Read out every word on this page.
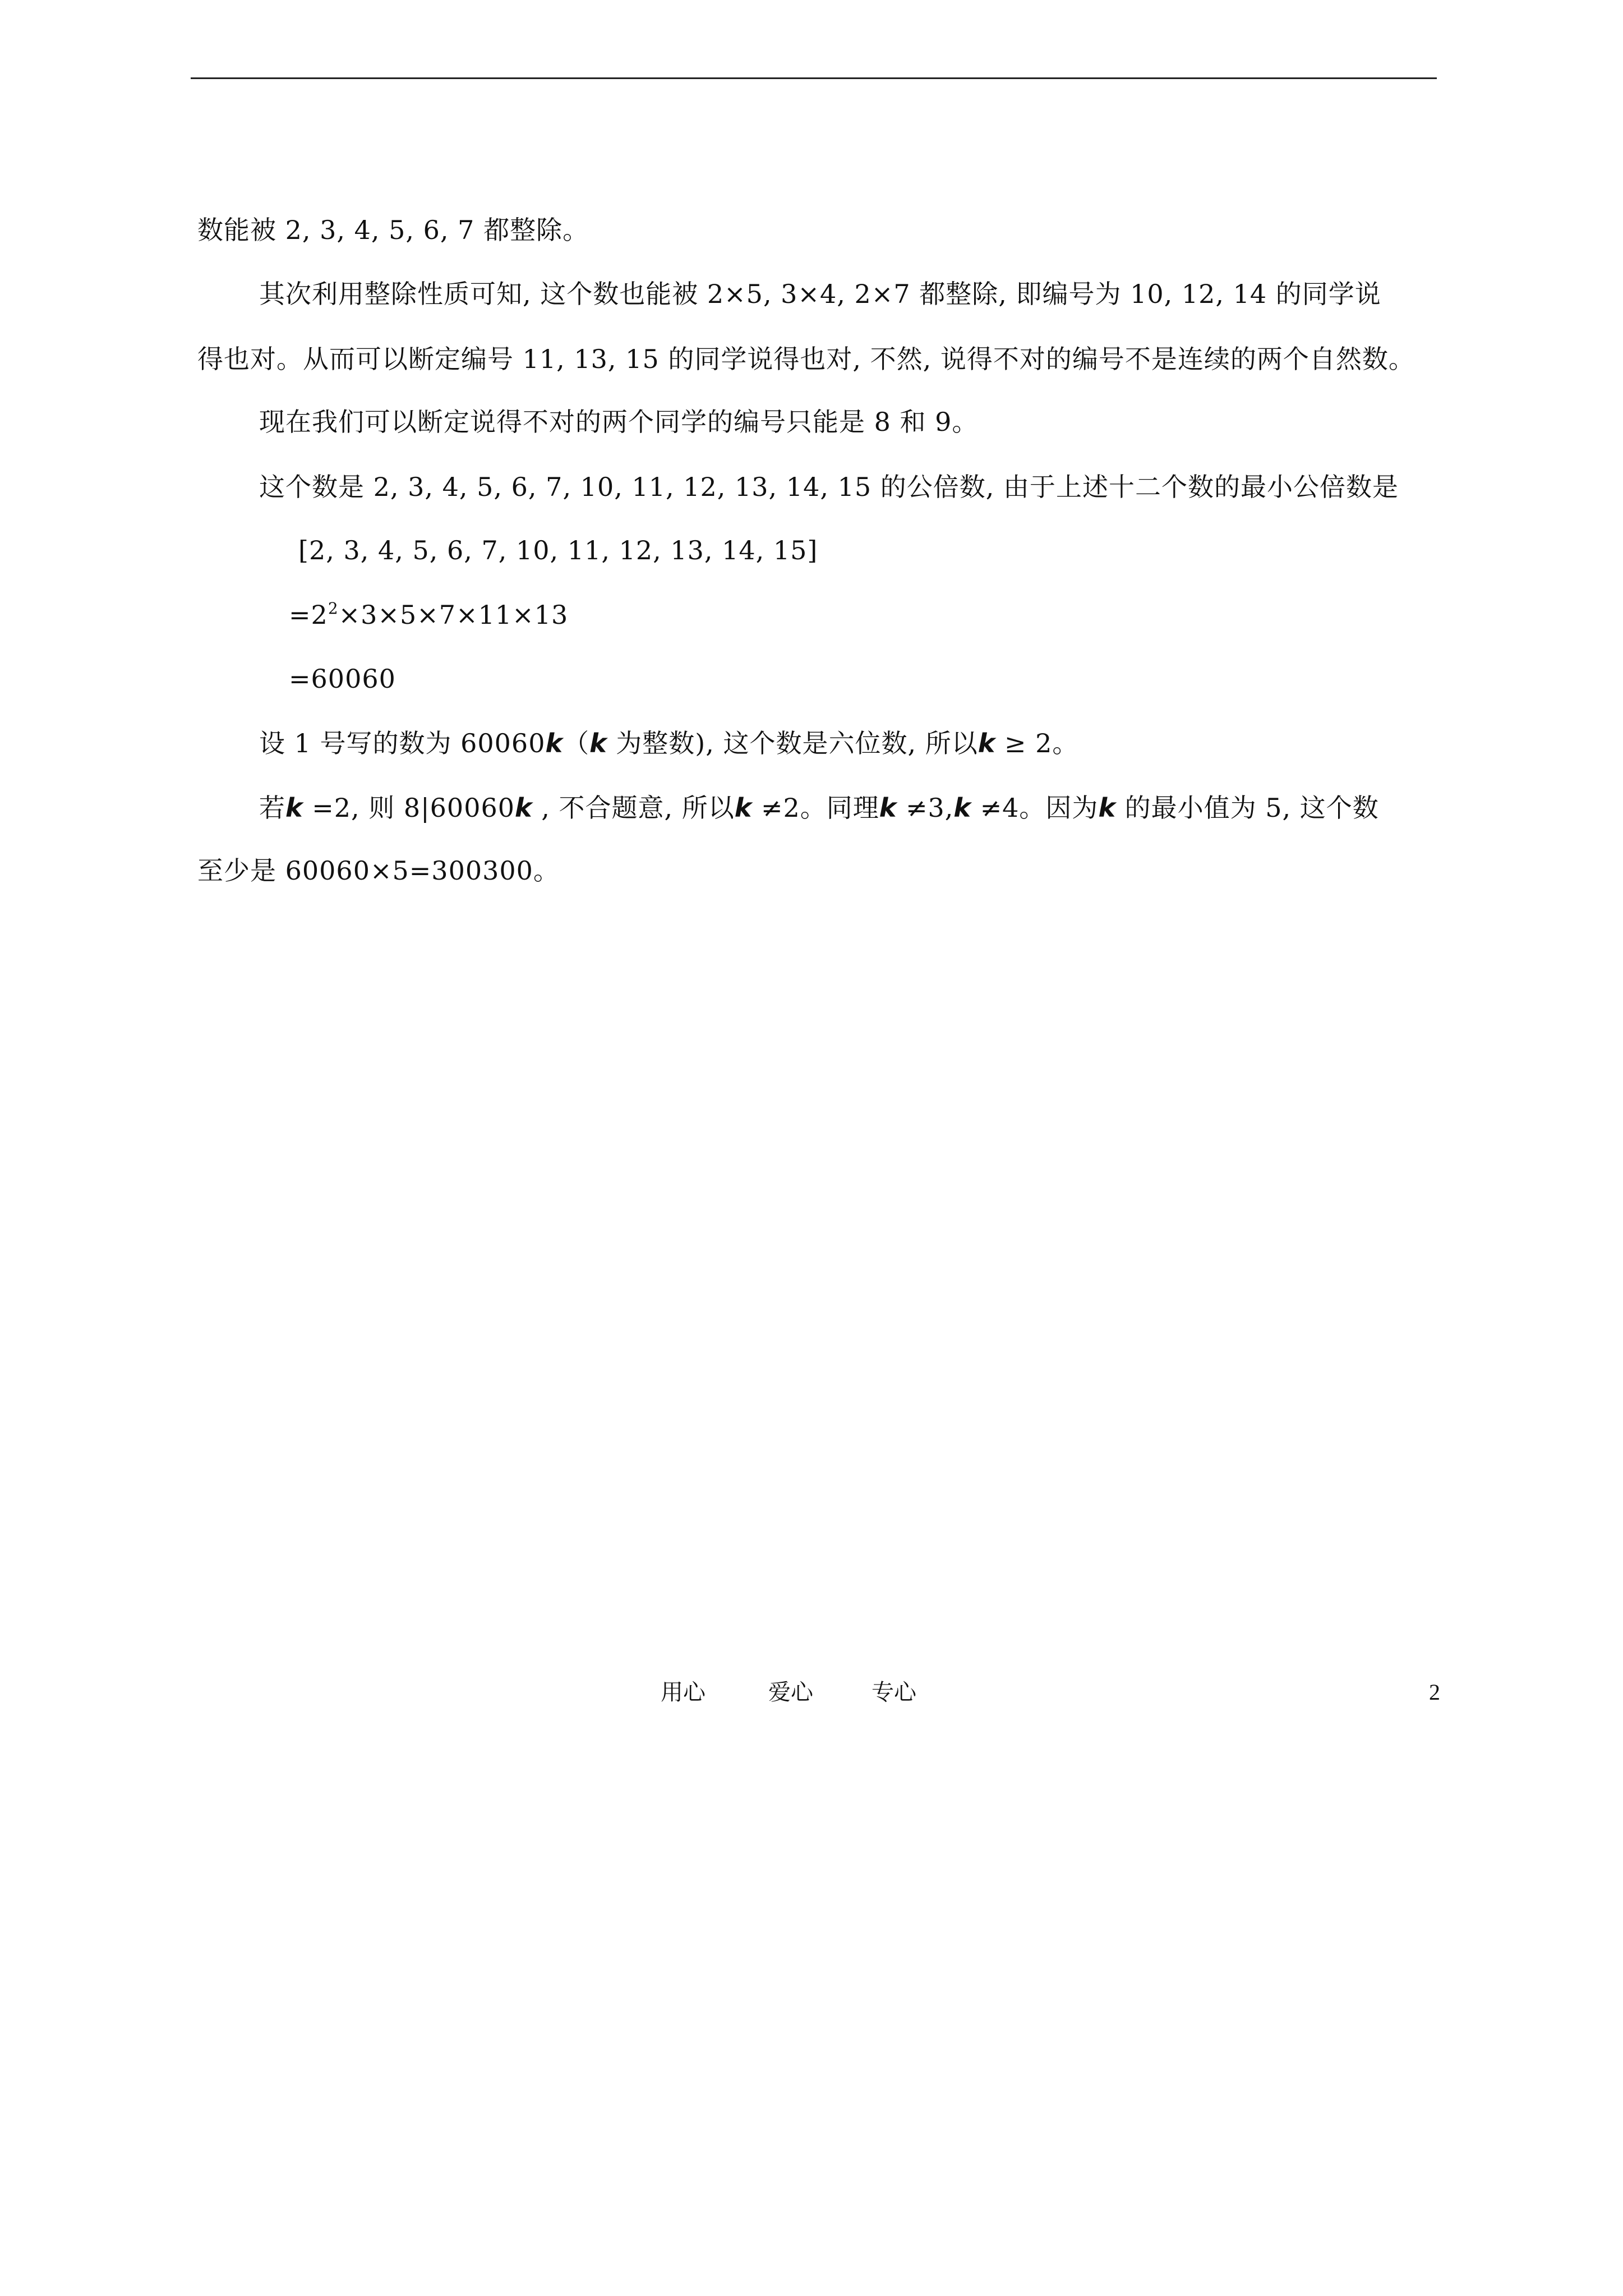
数能被 2, 3, 4, 5, 6, 7 都整除。
其次利用整除性质可知, 这个数也能被 2×5, 3×4, 2×7 都整除, 即编号为 10, 12, 14 的同学说
得也对。从而可以断定编号 11, 13, 15 的同学说得也对, 不然, 说得不对的编号不是连续的两个自然数。
现在我们可以断定说得不对的两个同学的编号只能是 8 和 9。
这个数是 2, 3, 4, 5, 6, 7, 10, 11, 12, 13, 14, 15 的公倍数, 由于上述十二个数的最小公倍数是
[2, 3, 4, 5, 6, 7, 10, 11, 12, 13, 14, 15]
$=2^2\times 3\times 5\times 7\times 11\times 13$
=60060
设 1 号写的数为 60060k（k 为整数), 这个数是六位数, 所以k ≥ 2。
若k =2, 则 8|60060k , 不合题意, 所以k ≠2。同理k ≠3,k ≠4。因为k 的最小值为 5, 这个数
至少是 60060×5=300300。
用心	爱心	专心	2
